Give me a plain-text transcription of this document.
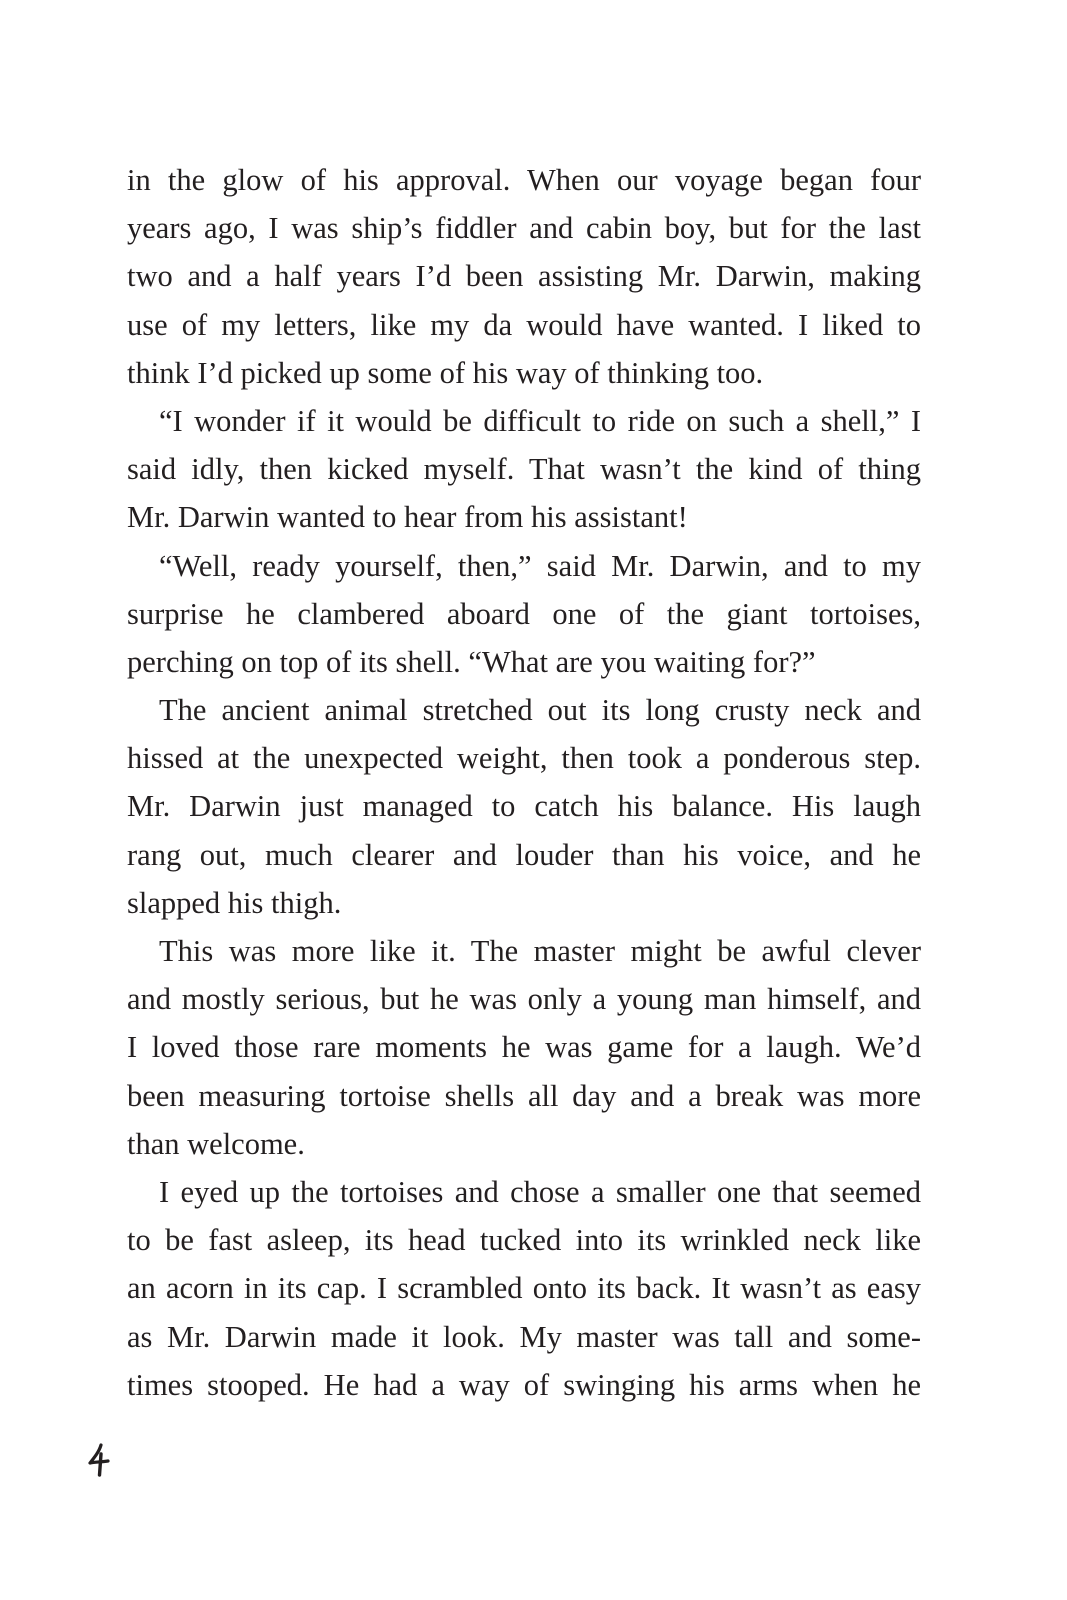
in the glow of his approval. When our voyage began four
years ago, I was ship’s fiddler and cabin boy, but for the last
two and a half years I’d been assisting Mr. Darwin, making
use of my letters, like my da would have wanted. I liked to
think I’d picked up some of his way of thinking too.
“I wonder if it would be difficult to ride on such a shell,” I
said idly, then kicked myself. That wasn’t the kind of thing
Mr. Darwin wanted to hear from his assistant!
“Well, ready yourself, then,” said Mr. Darwin, and to my
surprise he clambered aboard one of the giant tortoises,
perching on top of its shell. “What are you waiting for?”
The ancient animal stretched out its long crusty neck and
hissed at the unexpected weight, then took a ponderous step.
Mr. Darwin just managed to catch his balance. His laugh
rang out, much clearer and louder than his voice, and he
slapped his thigh.
This was more like it. The master might be awful clever
and mostly serious, but he was only a young man himself, and
I loved those rare moments he was game for a laugh. We’d
been measuring tortoise shells all day and a break was more
than welcome.
I eyed up the tortoises and chose a smaller one that seemed
to be fast asleep, its head tucked into its wrinkled neck like
an acorn in its cap. I scrambled onto its back. It wasn’t as easy
as Mr. Darwin made it look. My master was tall and some-
times stooped. He had a way of swinging his arms when he
